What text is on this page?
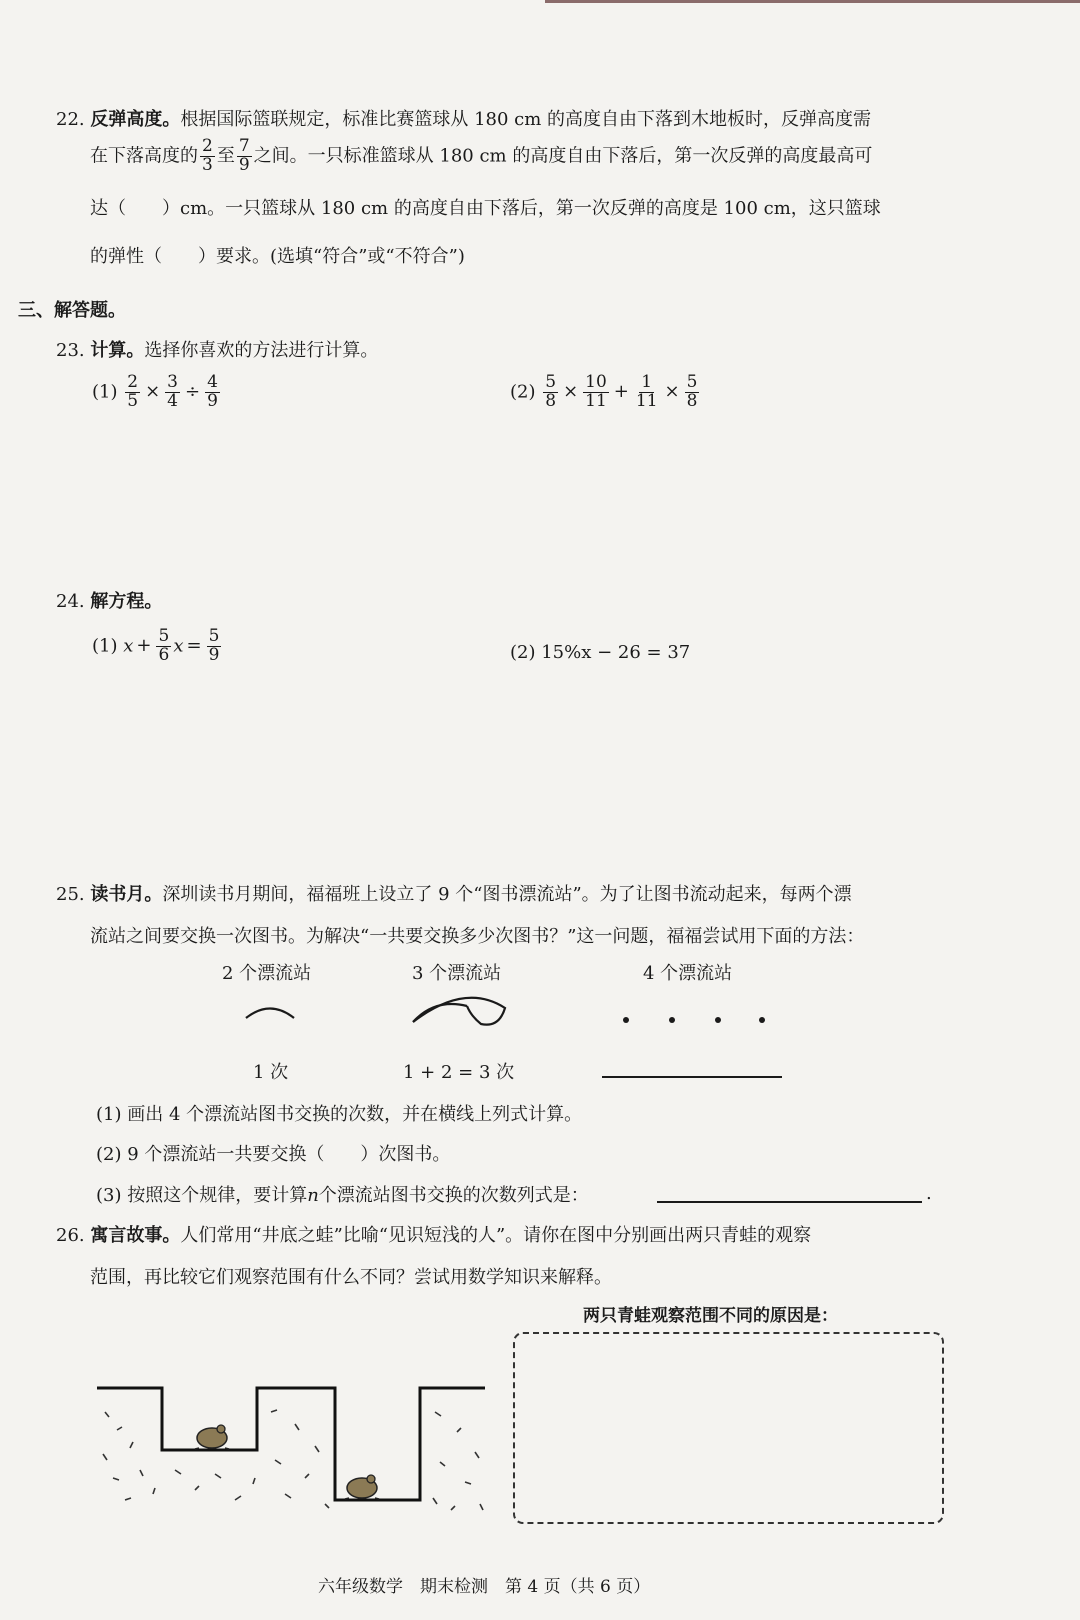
22. 反弹高度。根据国际篮联规定，标准比赛篮球从 180 cm 的高度自由下落到木地板时，反弹高度需
在下落高度的 $\frac{2}{3}$ 至 $\frac{7}{9}$ 之间。一只标准篮球从 180 cm 的高度自由下落后，第一次反弹的高度最高可
达（　　）cm。一只篮球从 180 cm 的高度自由下落后，第一次反弹的高度是 100 cm，这只篮球
的弹性（　　）要求。(选填“符合”或“不符合”)
三、解答题。
23. 计算。选择你喜欢的方法进行计算。
$(1) \frac{2}{5} \times \frac{3}{4} \div \frac{4}{9}$	$(2) \frac{5}{8} \times \frac{10}{11} + \frac{1}{11} \times \frac{5}{8}$
24. 解方程。
(1) $x + \frac{5}{6}$ $x = \frac{5}{9}$	(2) 15%x − 26 = 37
25. 读书月。深圳读书月期间，福福班上设立了 9 个“图书漂流站”。为了让图书流动起来，每两个漂
流站之间要交换一次图书。为解决“一共要交换多少次图书？”这一问题，福福尝试用下面的方法：
2 个漂流站	3 个漂流站	4 个漂流站
1 次	1 + 2 = 3 次
(1) 画出 4 个漂流站图书交换的次数，并在横线上列式计算。
(2) 9 个漂流站一共要交换（　　）次图书。
(3) 按照这个规律，要计算n个漂流站图书交换的次数列式是：	.
26. 寓言故事。人们常用“井底之蛙”比喻“见识短浅的人”。请你在图中分别画出两只青蛙的观察
范围，再比较它们观察范围有什么不同？尝试用数学知识来解释。
两只青蛙观察范围不同的原因是：
六年级数学　期末检测　第 4 页（共 6 页）
